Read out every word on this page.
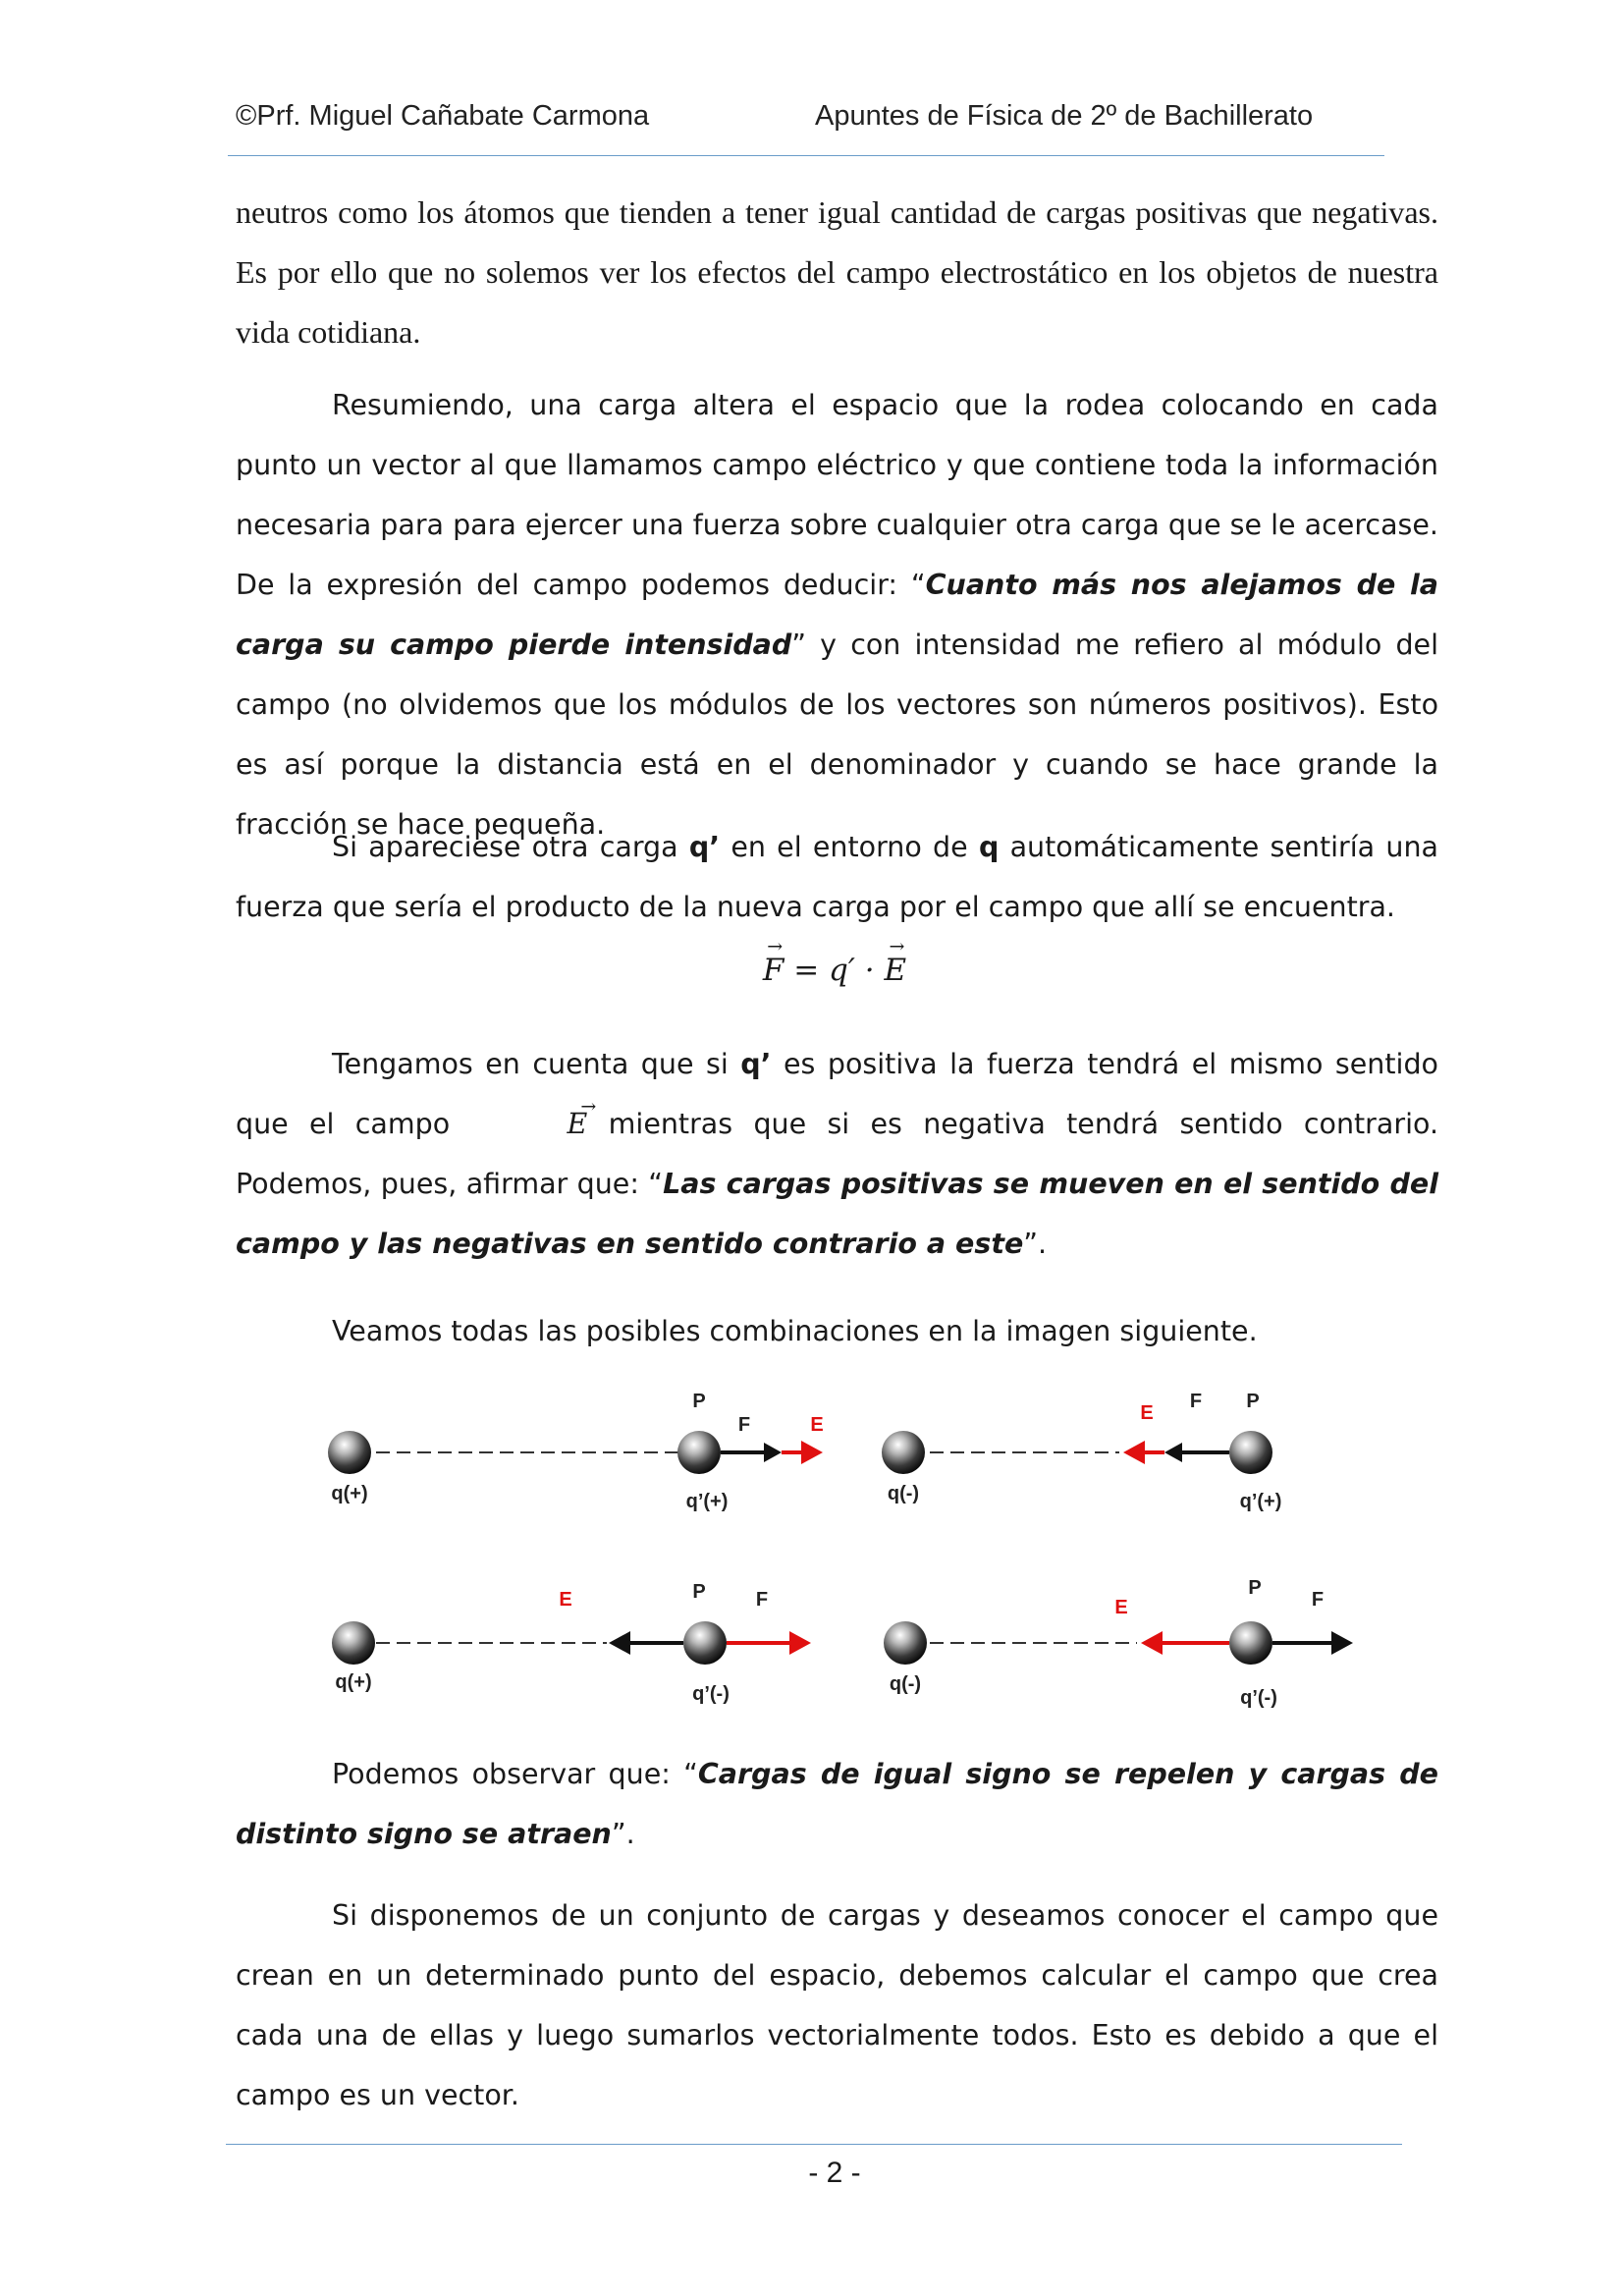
©Prf. Miguel Cañabate Carmona	Apuntes de Física de 2º de Bachillerato

neutros como los átomos que tienden a tener igual cantidad de cargas positivas que negativas. Es por ello que no solemos ver los efectos del campo electrostático en los objetos de nuestra vida cotidiana.

Resumiendo, una carga altera el espacio que la rodea colocando en cada punto un vector al que llamamos campo eléctrico y que contiene toda la información necesaria para para ejercer una fuerza sobre cualquier otra carga que se le acercase. De la expresión del campo podemos deducir: “Cuanto más nos alejamos de la carga su campo pierde intensidad” y con intensidad me refiero al módulo del campo (no olvidemos que los módulos de los vectores son números positivos). Esto es así porque la distancia está en el denominador y cuando se hace grande la fracción se hace pequeña.

Si apareciese otra carga q’ en el entorno de q automáticamente sentiría una fuerza que sería el producto de la nueva carga por el campo que allí se encuentra.

→ F = q′ · → E

Tengamos en cuenta que si q’ es positiva la fuerza tendrá el mismo sentido que el campo →	E mientras que si es negativa tendrá sentido contrario. Podemos, pues, afirmar que: “Las cargas positivas se mueven en el sentido del campo y las negativas en sentido contrario a este”.

Veamos todas las posibles combinaciones en la imagen siguiente.

P
F	E
q(+)	q’(+)
P
F
E
q(-)	q’(+)
P	F
E
q(+)
q’(-)
P
F
E
q(-)
q’(-)

Podemos observar que: “Cargas de igual signo se repelen y cargas de distinto signo se atraen”.

Si disponemos de un conjunto de cargas y deseamos conocer el campo que crean en un determinado punto del espacio, debemos calcular el campo que crea cada una de ellas y luego sumarlos vectorialmente todos. Esto es debido a que el campo es un vector.

- 2 -
